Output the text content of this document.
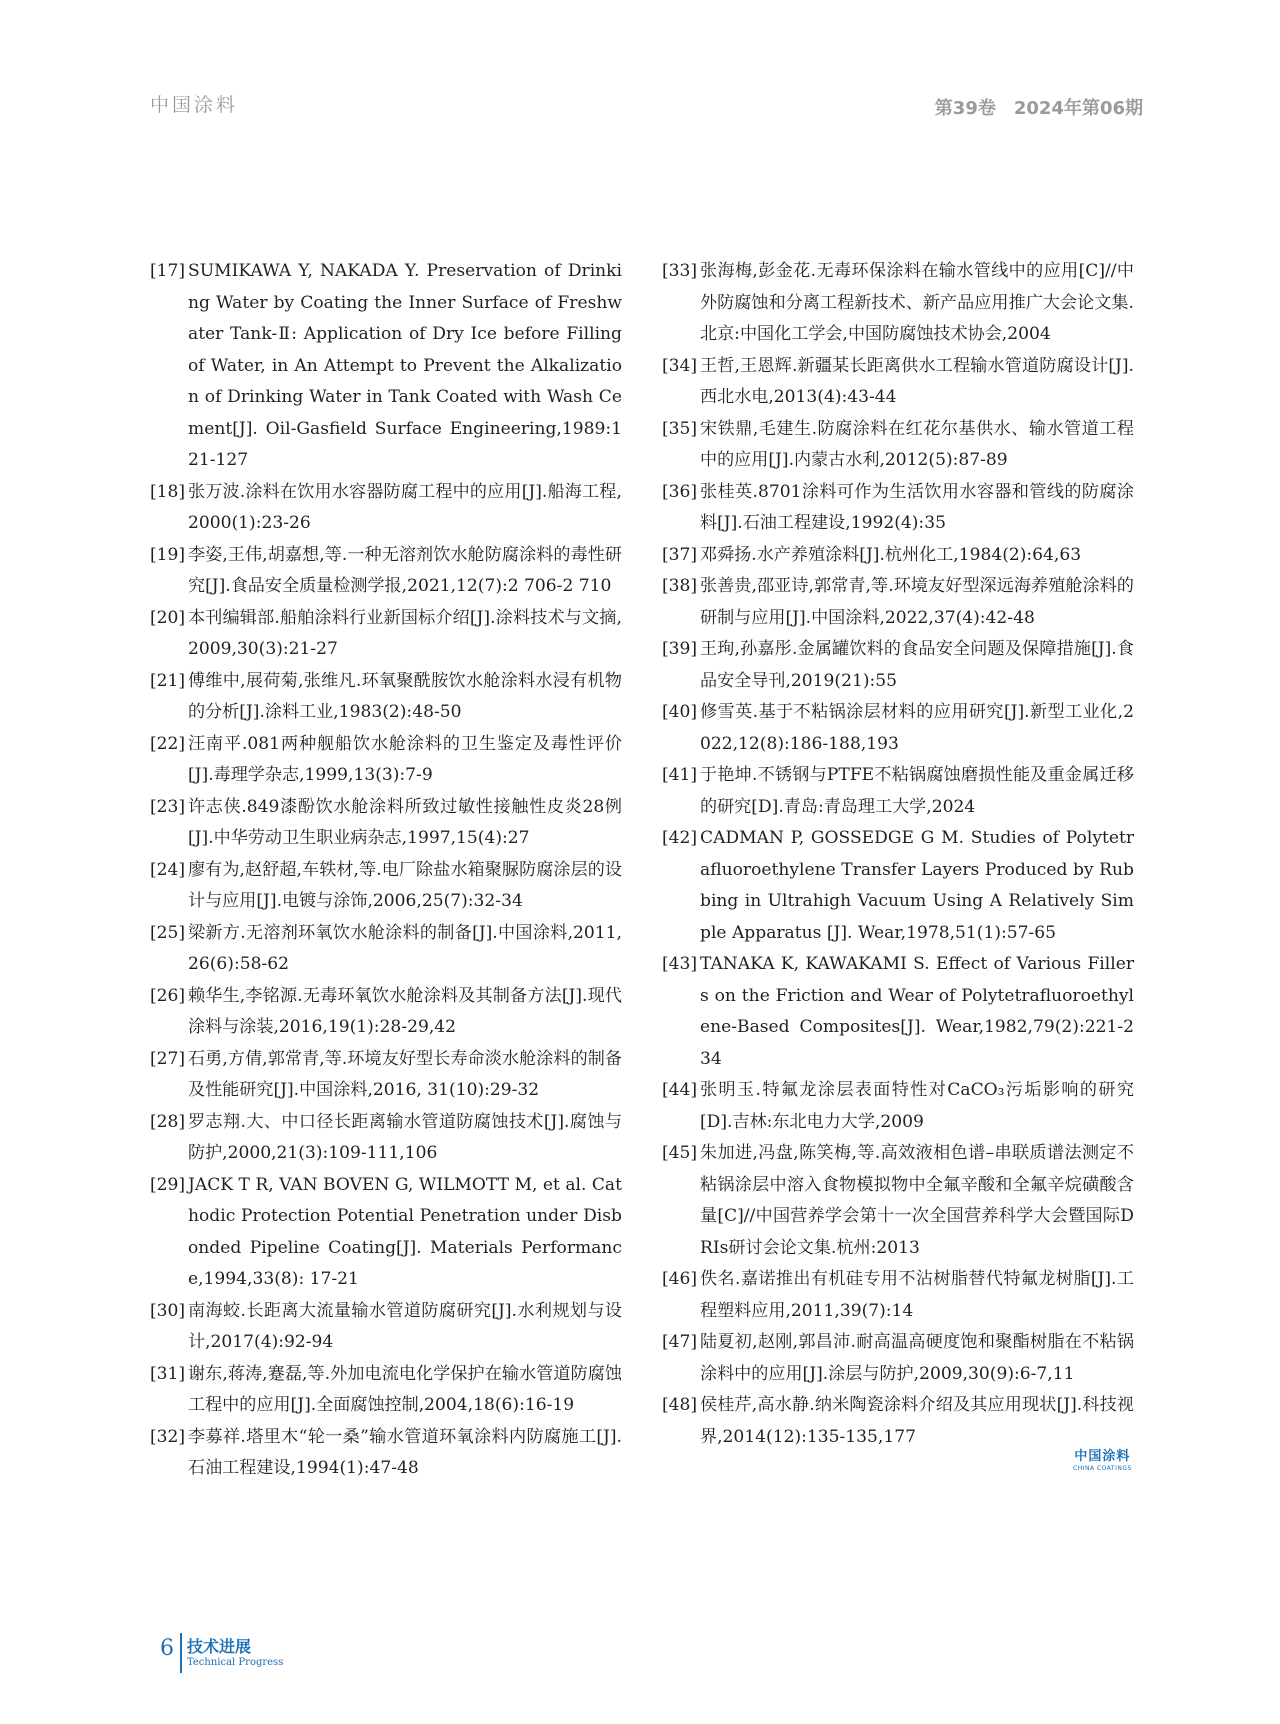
中国涂料	第39卷　2024年第06期
[17] SUMIKAWA Y, NAKADA Y. Preservation of Drinking Water by Coating the Inner Surface of Freshwater Tank-Ⅱ: Application of Dry Ice before Filling of Water, in An Attempt to Prevent the Alkalization of Drinking Water in Tank Coated with Wash Cement[J]. Oil-Gasfield Surface Engineering,1989:121-127
[18] 张万波.涂料在饮用水容器防腐工程中的应用[J].船海工程,2000(1):23-26
[19] 李姿,王伟,胡嘉想,等.一种无溶剂饮水舱防腐涂料的毒性研究[J].食品安全质量检测学报,2021,12(7):2 706-2 710
[20] 本刊编辑部.船舶涂料行业新国标介绍[J].涂料技术与文摘,2009,30(3):21-27
[21] 傅维中,展荷菊,张维凡.环氧聚酰胺饮水舱涂料水浸有机物的分析[J].涂料工业,1983(2):48-50
[22] 汪南平.081两种舰船饮水舱涂料的卫生鉴定及毒性评价[J].毒理学杂志,1999,13(3):7-9
[23] 许志侠.849漆酚饮水舱涂料所致过敏性接触性皮炎28例[J].中华劳动卫生职业病杂志,1997,15(4):27
[24] 廖有为,赵舒超,车轶材,等.电厂除盐水箱聚脲防腐涂层的设计与应用[J].电镀与涂饰,2006,25(7):32-34
[25] 梁新方.无溶剂环氧饮水舱涂料的制备[J].中国涂料,2011,26(6):58-62
[26] 赖华生,李铭源.无毒环氧饮水舱涂料及其制备方法[J].现代涂料与涂装,2016,19(1):28-29,42
[27] 石勇,方倩,郭常青,等.环境友好型长寿命淡水舱涂料的制备及性能研究[J].中国涂料,2016, 31(10):29-32
[28] 罗志翔.大、中口径长距离输水管道防腐蚀技术[J].腐蚀与防护,2000,21(3):109-111,106
[29] JACK T R, VAN BOVEN G, WILMOTT M, et al. Cathodic Protection Potential Penetration under Disbonded Pipeline Coating[J]. Materials Performance,1994,33(8): 17-21
[30] 南海蛟.长距离大流量输水管道防腐研究[J].水利规划与设计,2017(4):92-94
[31] 谢东,蒋涛,蹇磊,等.外加电流电化学保护在输水管道防腐蚀工程中的应用[J].全面腐蚀控制,2004,18(6):16-19
[32] 李募祥.塔里木“轮一桑”输水管道环氧涂料内防腐施工[J].石油工程建设,1994(1):47-48
[33] 张海梅,彭金花.无毒环保涂料在输水管线中的应用[C]//中外防腐蚀和分离工程新技术、新产品应用推广大会论文集.北京:中国化工学会,中国防腐蚀技术协会,2004
[34] 王哲,王恩辉.新疆某长距离供水工程输水管道防腐设计[J].西北水电,2013(4):43-44
[35] 宋铁鼎,毛建生.防腐涂料在红花尔基供水、输水管道工程中的应用[J].内蒙古水利,2012(5):87-89
[36] 张桂英.8701涂料可作为生活饮用水容器和管线的防腐涂料[J].石油工程建设,1992(4):35
[37] 邓舜扬.水产养殖涂料[J].杭州化工,1984(2):64,63
[38] 张善贵,邵亚诗,郭常青,等.环境友好型深远海养殖舱涂料的研制与应用[J].中国涂料,2022,37(4):42-48
[39] 王珣,孙嘉彤.金属罐饮料的食品安全问题及保障措施[J].食品安全导刊,2019(21):55
[40] 修雪英.基于不粘锅涂层材料的应用研究[J].新型工业化,2022,12(8):186-188,193
[41] 于艳坤.不锈钢与PTFE不粘锅腐蚀磨损性能及重金属迁移的研究[D].青岛:青岛理工大学,2024
[42] CADMAN P, GOSSEDGE G M. Studies of Polytetrafluoroethylene Transfer Layers Produced by Rubbing in Ultrahigh Vacuum Using A Relatively Simple Apparatus [J]. Wear,1978,51(1):57-65
[43] TANAKA K, KAWAKAMI S. Effect of Various Fillers on the Friction and Wear of Polytetrafluoroethylene-Based Composites[J]. Wear,1982,79(2):221-234
[44] 张明玉.特氟龙涂层表面特性对CaCO₃污垢影响的研究[D].吉林:东北电力大学,2009
[45] 朱加进,冯盘,陈笑梅,等.高效液相色谱–串联质谱法测定不粘锅涂层中溶入食物模拟物中全氟辛酸和全氟辛烷磺酸含量[C]//中国营养学会第十一次全国营养科学大会暨国际DRIs研讨会论文集.杭州:2013
[46] 佚名.嘉诺推出有机硅专用不沾树脂替代特氟龙树脂[J].工程塑料应用,2011,39(7):14
[47] 陆夏初,赵刚,郭昌沛.耐高温高硬度饱和聚酯树脂在不粘锅涂料中的应用[J].涂层与防护,2009,30(9):6-7,11
[48] 侯桂芹,高水静.纳米陶瓷涂料介绍及其应用现状[J].科技视界,2014(12):135-135,177
中国涂料
CHINA COATINGS
6 技术进展
Technical Progress
